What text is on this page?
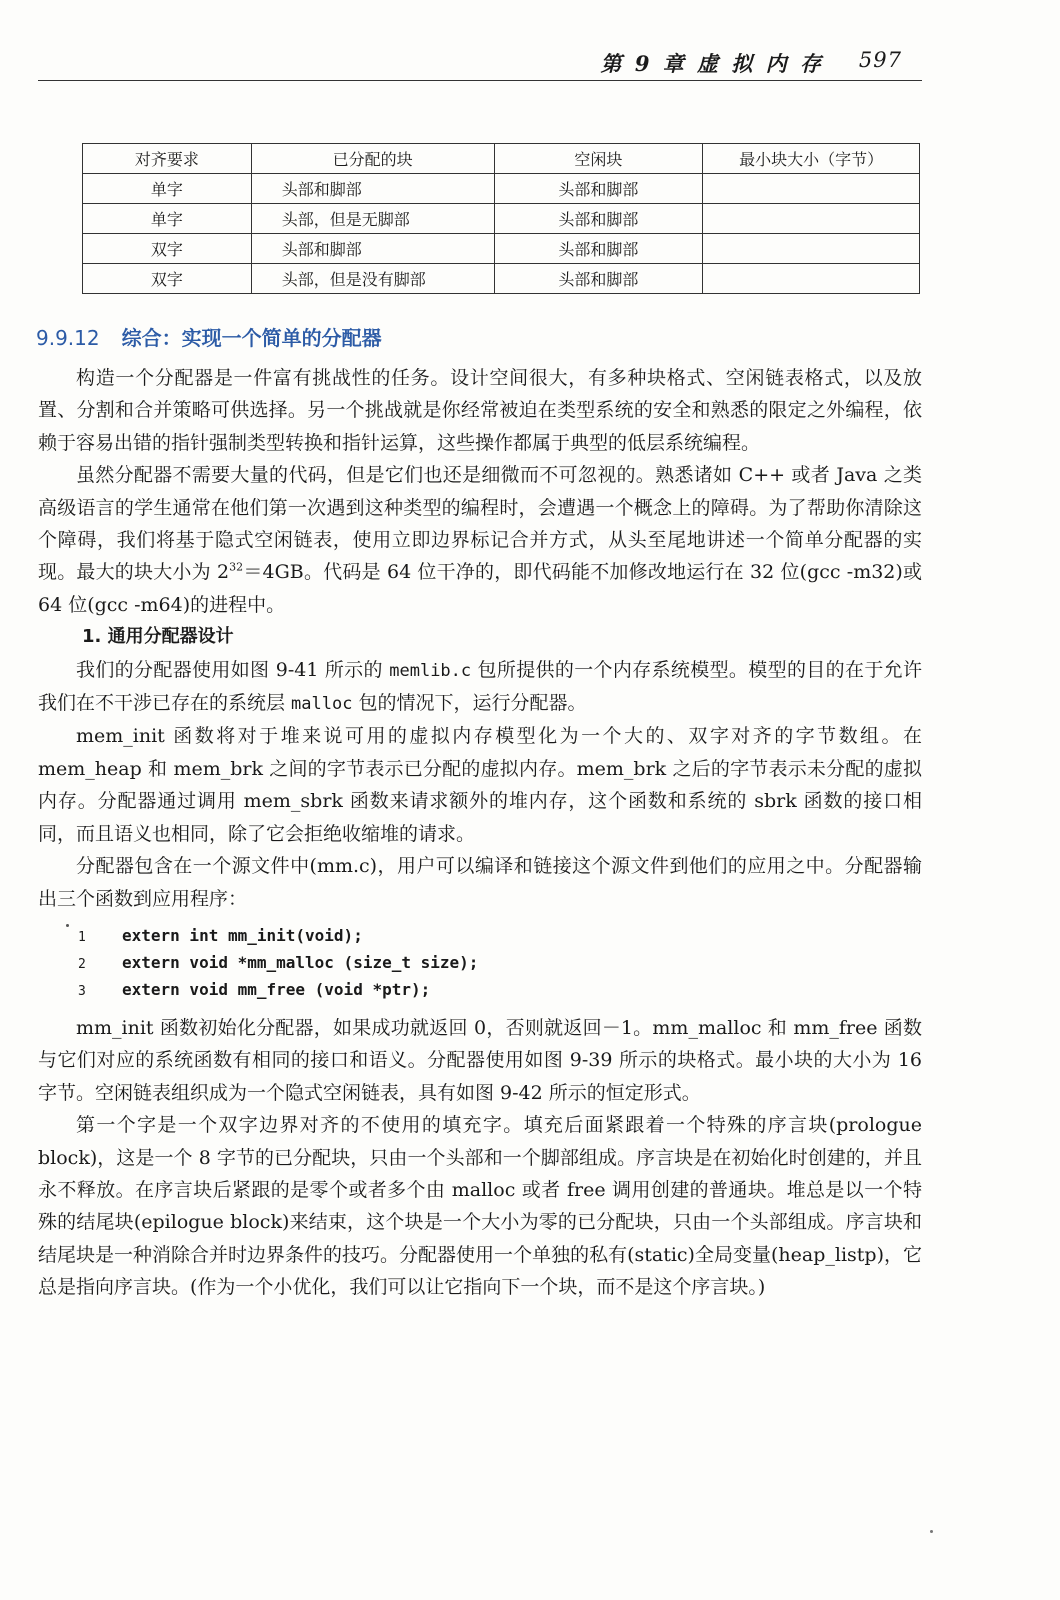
第 9 章 虚 拟 内 存 597
对齐要求	已分配的块	空闲块	最小块大小（字节）
单字	头部和脚部	头部和脚部	
单字	头部，但是无脚部	头部和脚部	
双字	头部和脚部	头部和脚部	
双字	头部，但是没有脚部	头部和脚部	
9.9.12 综合：实现一个简单的分配器

构造一个分配器是一件富有挑战性的任务。设计空间很大，有多种块格式、空闲链表格式，以及放置、分割和合并策略可供选择。另一个挑战就是你经常被迫在类型系统的安全和熟悉的限定之外编程，依赖于容易出错的指针强制类型转换和指针运算，这些操作都属于典型的低层系统编程。

虽然分配器不需要大量的代码，但是它们也还是细微而不可忽视的。熟悉诸如 C++ 或者 Java 之类高级语言的学生通常在他们第一次遇到这种类型的编程时，会遭遇一个概念上的障碍。为了帮助你清除这个障碍，我们将基于隐式空闲链表，使用立即边界标记合并方式，从头至尾地讲述一个简单分配器的实现。最大的块大小为 $2^{32}=4GB$。代码是 64 位干净的，即代码能不加修改地运行在 32 位(gcc -m32)或 64 位(gcc -m64)的进程中。

1. 通用分配器设计

我们的分配器使用如图 9-41 所示的 memlib.c 包所提供的一个内存系统模型。模型的目的在于允许我们在不干涉已存在的系统层 malloc 包的情况下，运行分配器。

mem_init 函数将对于堆来说可用的虚拟内存模型化为一个大的、双字对齐的字节数组。在 mem_heap 和 mem_brk 之间的字节表示已分配的虚拟内存。mem_brk 之后的字节表示未分配的虚拟内存。分配器通过调用 mem_sbrk 函数来请求额外的堆内存，这个函数和系统的 sbrk 函数的接口相同，而且语义也相同，除了它会拒绝收缩堆的请求。

分配器包含在一个源文件中(mm.c)，用户可以编译和链接这个源文件到他们的应用之中。分配器输出三个函数到应用程序：

1 extern int mm_init(void);
2 extern void *mm_malloc (size_t size);
3 extern void mm_free (void *ptr);

mm_init 函数初始化分配器，如果成功就返回 0，否则就返回－1。mm_malloc 和 mm_free 函数与它们对应的系统函数有相同的接口和语义。分配器使用如图 9-39 所示的块格式。最小块的大小为 16 字节。空闲链表组织成为一个隐式空闲链表，具有如图 9-42 所示的恒定形式。

第一个字是一个双字边界对齐的不使用的填充字。填充后面紧跟着一个特殊的序言块(prologue block)，这是一个 8 字节的已分配块，只由一个头部和一个脚部组成。序言块是在初始化时创建的，并且永不释放。在序言块后紧跟的是零个或者多个由 malloc 或者 free 调用创建的普通块。堆总是以一个特殊的结尾块(epilogue block)来结束，这个块是一个大小为零的已分配块，只由一个头部组成。序言块和结尾块是一种消除合并时边界条件的技巧。分配器使用一个单独的私有(static)全局变量(heap_listp)，它总是指向序言块。(作为一个小优化，我们可以让它指向下一个块，而不是这个序言块。)
